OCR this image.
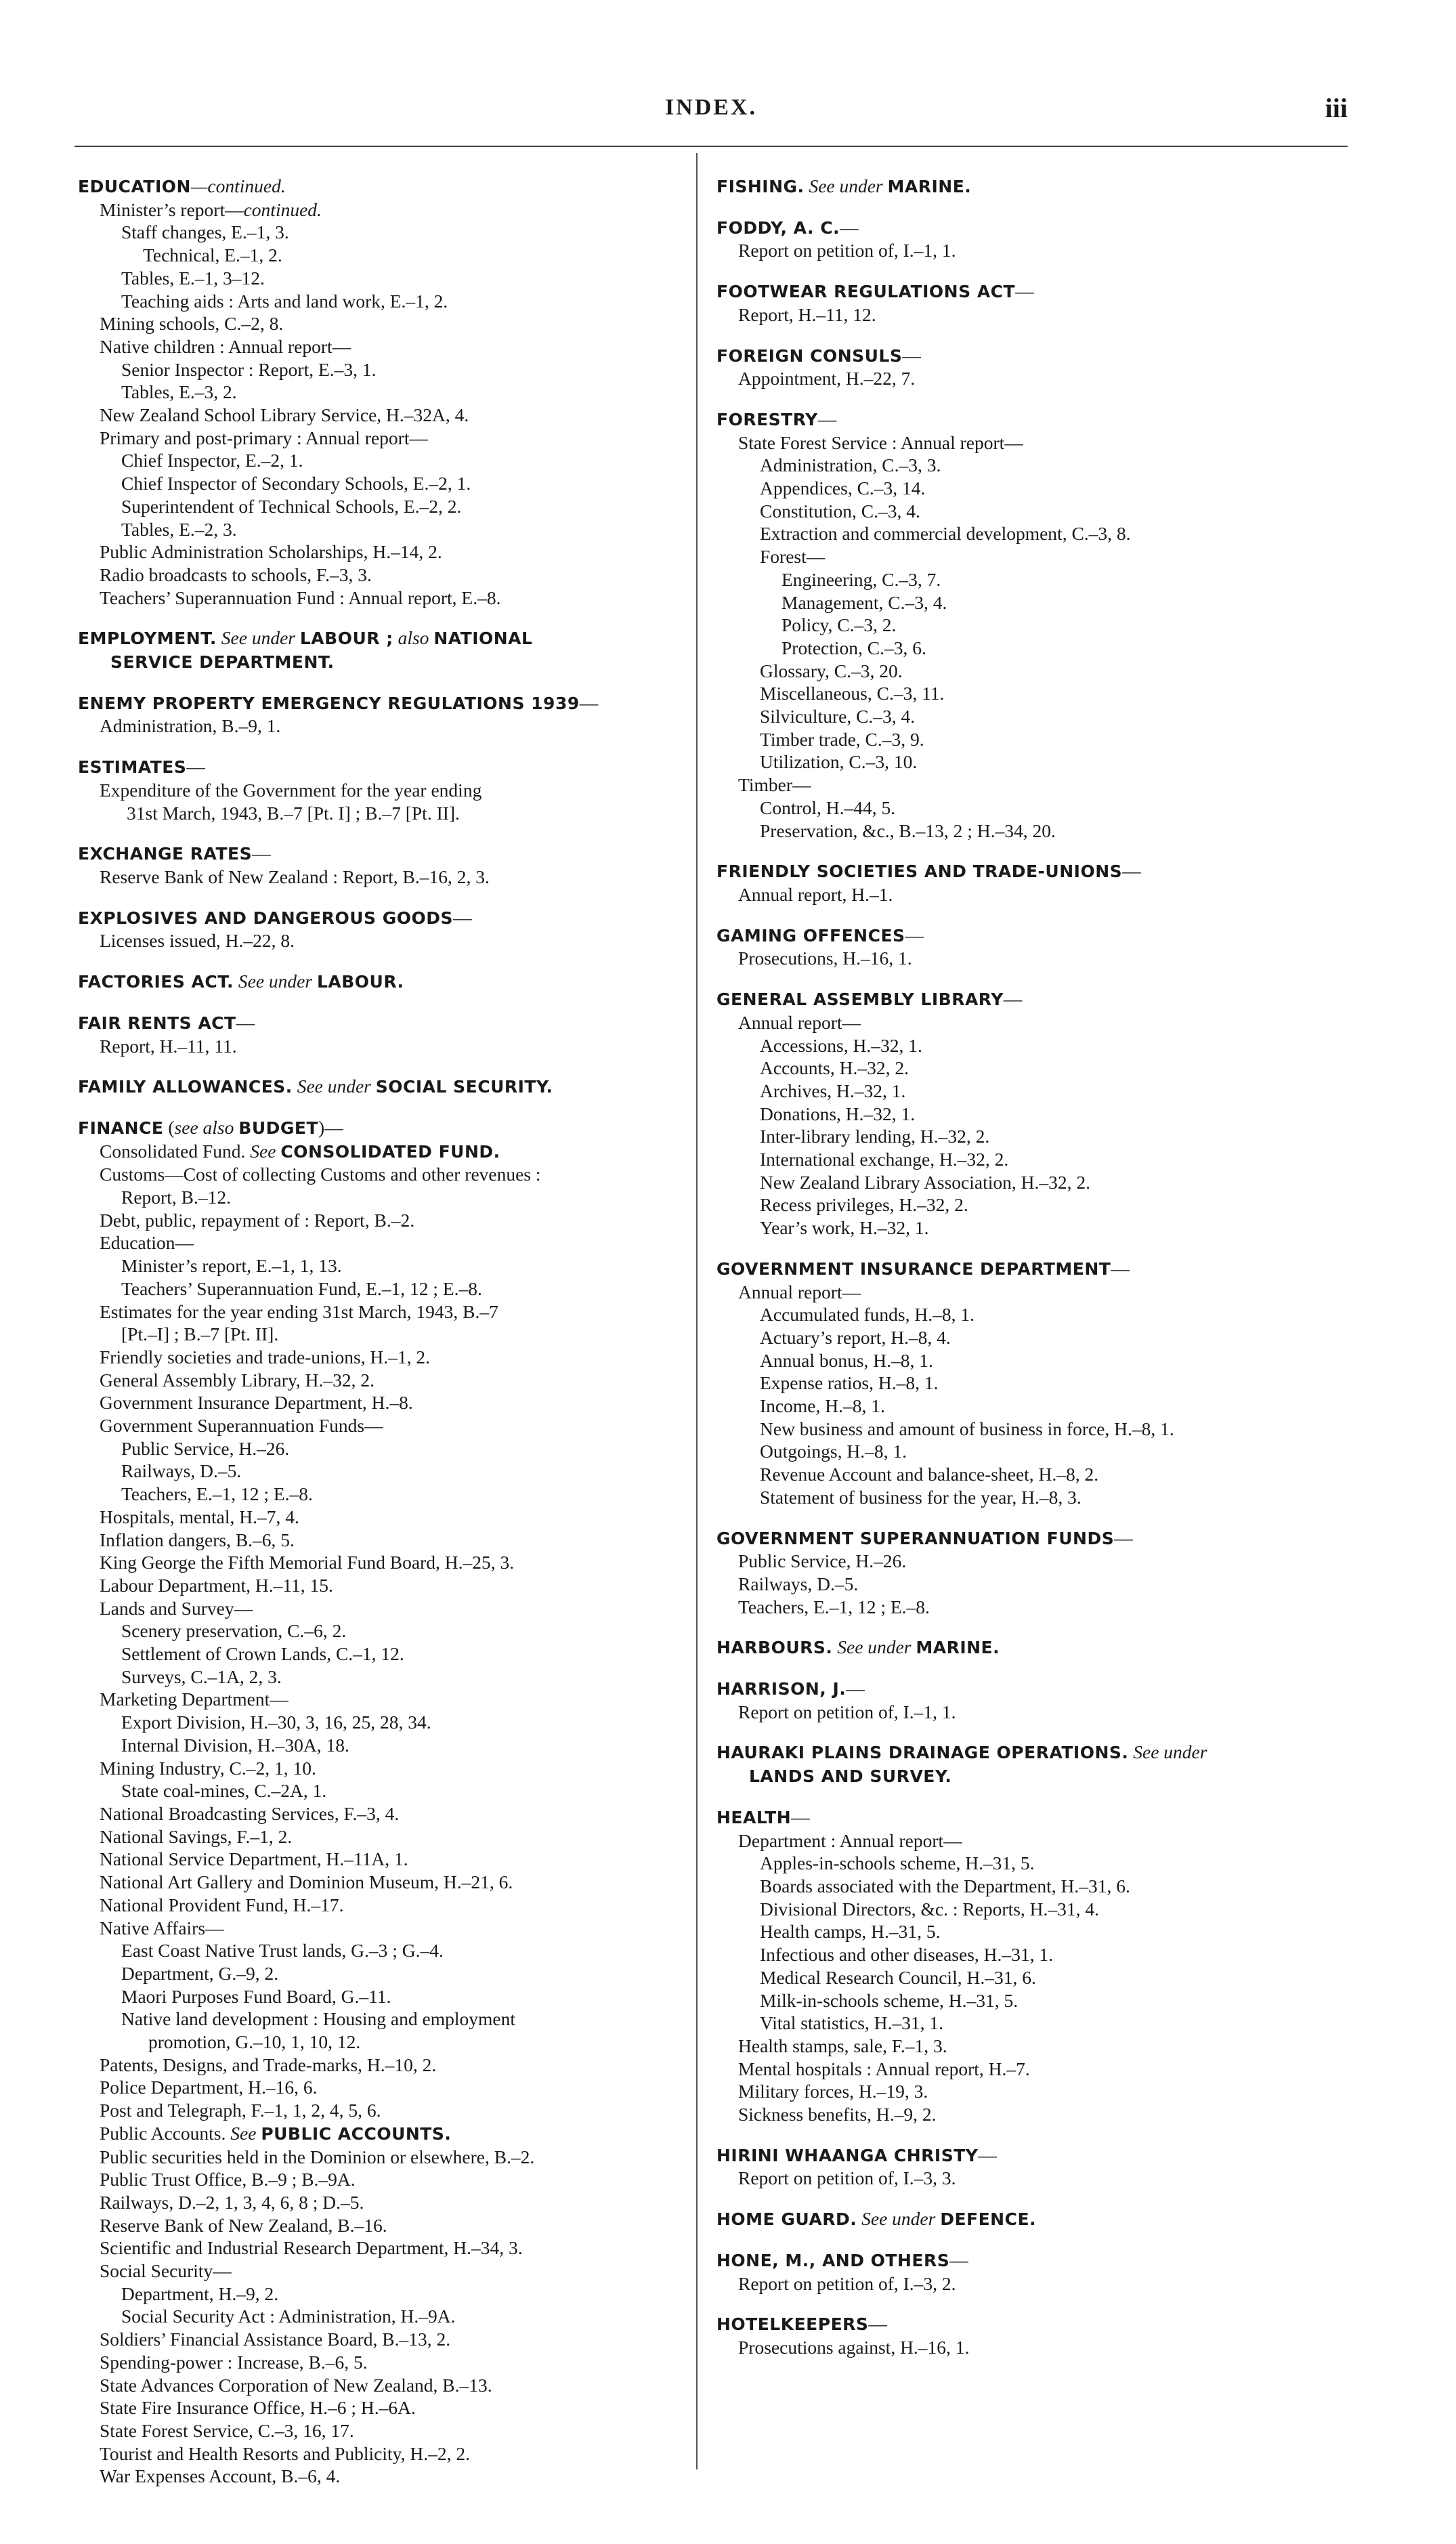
INDEX.	iii
EDUCATION—continued.
Minister’s report—continued.
Staff changes, E.–1, 3.
Technical, E.–1, 2.
Tables, E.–1, 3–12.
Teaching aids : Arts and land work, E.–1, 2.
Mining schools, C.–2, 8.
Native children : Annual report—
Senior Inspector : Report, E.–3, 1.
Tables, E.–3, 2.
New Zealand School Library Service, H.–32A, 4.
Primary and post-primary : Annual report—
Chief Inspector, E.–2, 1.
Chief Inspector of Secondary Schools, E.–2, 1.
Superintendent of Technical Schools, E.–2, 2.
Tables, E.–2, 3.
Public Administration Scholarships, H.–14, 2.
Radio broadcasts to schools, F.–3, 3.
Teachers’ Superannuation Fund : Annual report, E.–8.
EMPLOYMENT. See under LABOUR ; also NATIONAL
SERVICE DEPARTMENT.
ENEMY PROPERTY EMERGENCY REGULATIONS 1939—
Administration, B.–9, 1.
ESTIMATES—
Expenditure of the Government for the year ending
31st March, 1943, B.–7 [Pt. I] ; B.–7 [Pt. II].
EXCHANGE RATES—
Reserve Bank of New Zealand : Report, B.–16, 2, 3.
EXPLOSIVES AND DANGEROUS GOODS—
Licenses issued, H.–22, 8.
FACTORIES ACT. See under LABOUR.
FAIR RENTS ACT—
Report, H.–11, 11.
FAMILY ALLOWANCES. See under SOCIAL SECURITY.
FINANCE (see also BUDGET)—
Consolidated Fund. See CONSOLIDATED FUND.
Customs—Cost of collecting Customs and other revenues :
Report, B.–12.
Debt, public, repayment of : Report, B.–2.
Education—
Minister’s report, E.–1, 1, 13.
Teachers’ Superannuation Fund, E.–1, 12 ; E.–8.
Estimates for the year ending 31st March, 1943, B.–7
[Pt.–I] ; B.–7 [Pt. II].
Friendly societies and trade-unions, H.–1, 2.
General Assembly Library, H.–32, 2.
Government Insurance Department, H.–8.
Government Superannuation Funds—
Public Service, H.–26.
Railways, D.–5.
Teachers, E.–1, 12 ; E.–8.
Hospitals, mental, H.–7, 4.
Inflation dangers, B.–6, 5.
King George the Fifth Memorial Fund Board, H.–25, 3.
Labour Department, H.–11, 15.
Lands and Survey—
Scenery preservation, C.–6, 2.
Settlement of Crown Lands, C.–1, 12.
Surveys, C.–1A, 2, 3.
Marketing Department—
Export Division, H.–30, 3, 16, 25, 28, 34.
Internal Division, H.–30A, 18.
Mining Industry, C.–2, 1, 10.
State coal-mines, C.–2A, 1.
National Broadcasting Services, F.–3, 4.
National Savings, F.–1, 2.
National Service Department, H.–11A, 1.
National Art Gallery and Dominion Museum, H.–21, 6.
National Provident Fund, H.–17.
Native Affairs—
East Coast Native Trust lands, G.–3 ; G.–4.
Department, G.–9, 2.
Maori Purposes Fund Board, G.–11.
Native land development : Housing and employment
promotion, G.–10, 1, 10, 12.
Patents, Designs, and Trade-marks, H.–10, 2.
Police Department, H.–16, 6.
Post and Telegraph, F.–1, 1, 2, 4, 5, 6.
Public Accounts. See PUBLIC ACCOUNTS.
Public securities held in the Dominion or elsewhere, B.–2.
Public Trust Office, B.–9 ; B.–9A.
Railways, D.–2, 1, 3, 4, 6, 8 ; D.–5.
Reserve Bank of New Zealand, B.–16.
Scientific and Industrial Research Department, H.–34, 3.
Social Security—
Department, H.–9, 2.
Social Security Act : Administration, H.–9A.
Soldiers’ Financial Assistance Board, B.–13, 2.
Spending-power : Increase, B.–6, 5.
State Advances Corporation of New Zealand, B.–13.
State Fire Insurance Office, H.–6 ; H.–6A.
State Forest Service, C.–3, 16, 17.
Tourist and Health Resorts and Publicity, H.–2, 2.
War Expenses Account, B.–6, 4.
FISHING. See under MARINE.
FODDY, A. C.—
Report on petition of, I.–1, 1.
FOOTWEAR REGULATIONS ACT—
Report, H.–11, 12.
FOREIGN CONSULS—
Appointment, H.–22, 7.
FORESTRY—
State Forest Service : Annual report—
Administration, C.–3, 3.
Appendices, C.–3, 14.
Constitution, C.–3, 4.
Extraction and commercial development, C.–3, 8.
Forest—
Engineering, C.–3, 7.
Management, C.–3, 4.
Policy, C.–3, 2.
Protection, C.–3, 6.
Glossary, C.–3, 20.
Miscellaneous, C.–3, 11.
Silviculture, C.–3, 4.
Timber trade, C.–3, 9.
Utilization, C.–3, 10.
Timber—
Control, H.–44, 5.
Preservation, &c., B.–13, 2 ; H.–34, 20.
FRIENDLY SOCIETIES AND TRADE-UNIONS—
Annual report, H.–1.
GAMING OFFENCES—
Prosecutions, H.–16, 1.
GENERAL ASSEMBLY LIBRARY—
Annual report—
Accessions, H.–32, 1.
Accounts, H.–32, 2.
Archives, H.–32, 1.
Donations, H.–32, 1.
Inter-library lending, H.–32, 2.
International exchange, H.–32, 2.
New Zealand Library Association, H.–32, 2.
Recess privileges, H.–32, 2.
Year’s work, H.–32, 1.
GOVERNMENT INSURANCE DEPARTMENT—
Annual report—
Accumulated funds, H.–8, 1.
Actuary’s report, H.–8, 4.
Annual bonus, H.–8, 1.
Expense ratios, H.–8, 1.
Income, H.–8, 1.
New business and amount of business in force, H.–8, 1.
Outgoings, H.–8, 1.
Revenue Account and balance-sheet, H.–8, 2.
Statement of business for the year, H.–8, 3.
GOVERNMENT SUPERANNUATION FUNDS—
Public Service, H.–26.
Railways, D.–5.
Teachers, E.–1, 12 ; E.–8.
HARBOURS. See under MARINE.
HARRISON, J.—
Report on petition of, I.–1, 1.
HAURAKI PLAINS DRAINAGE OPERATIONS. See under
LANDS AND SURVEY.
HEALTH—
Department : Annual report—
Apples-in-schools scheme, H.–31, 5.
Boards associated with the Department, H.–31, 6.
Divisional Directors, &c. : Reports, H.–31, 4.
Health camps, H.–31, 5.
Infectious and other diseases, H.–31, 1.
Medical Research Council, H.–31, 6.
Milk-in-schools scheme, H.–31, 5.
Vital statistics, H.–31, 1.
Health stamps, sale, F.–1, 3.
Mental hospitals : Annual report, H.–7.
Military forces, H.–19, 3.
Sickness benefits, H.–9, 2.
HIRINI WHAANGA CHRISTY—
Report on petition of, I.–3, 3.
HOME GUARD. See under DEFENCE.
HONE, M., AND OTHERS—
Report on petition of, I.–3, 2.
HOTELKEEPERS—
Prosecutions against, H.–16, 1.
